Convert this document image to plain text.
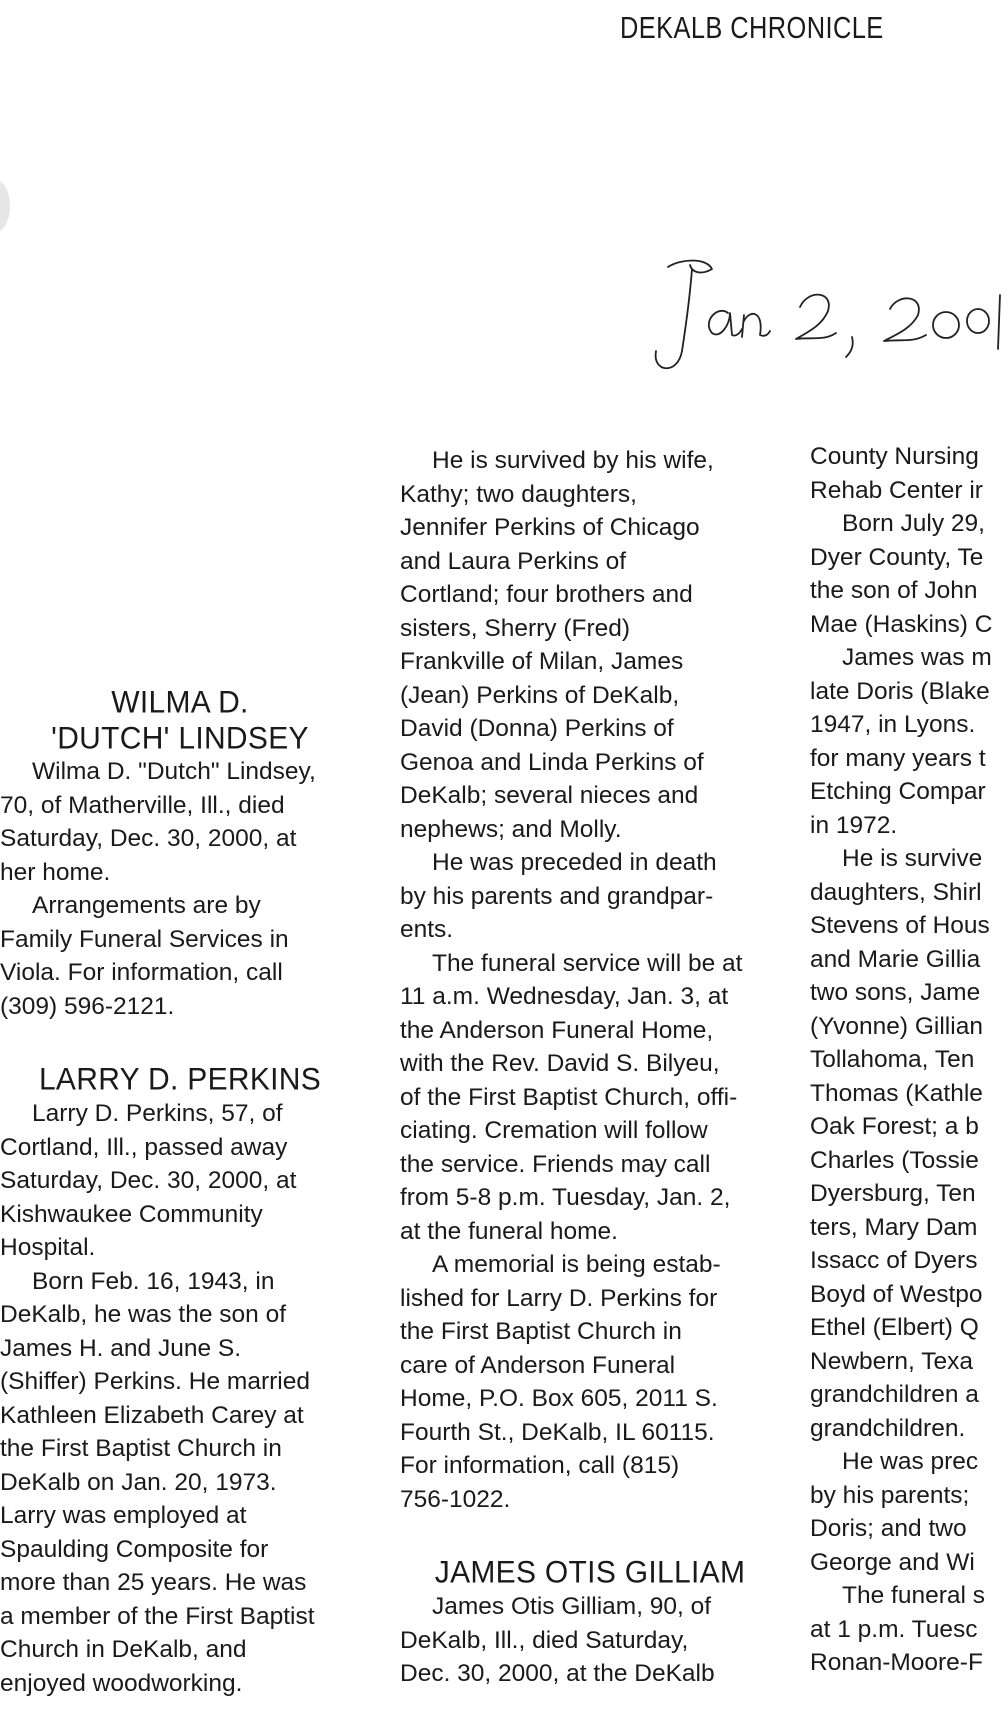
DEKALB CHRONICLE
WILMA D.
'DUTCH' LINDSEY

Wilma D. "Dutch" Lindsey,

70, of Matherville, Ill., died

Saturday, Dec. 30, 2000, at

her home.

Arrangements are by

Family Funeral Services in

Viola. For information, call

(309) 596-2121.

LARRY D. PERKINS

Larry D. Perkins, 57, of

Cortland, Ill., passed away

Saturday, Dec. 30, 2000, at

Kishwaukee Community

Hospital.

Born Feb. 16, 1943, in

DeKalb, he was the son of

James H. and June S.

(Shiffer) Perkins. He married

Kathleen Elizabeth Carey at

the First Baptist Church in

DeKalb on Jan. 20, 1973.

Larry was employed at

Spaulding Composite for

more than 25 years. He was

a member of the First Baptist

Church in DeKalb, and

enjoyed woodworking.

He is survived by his wife,

Kathy; two daughters,

Jennifer Perkins of Chicago

and Laura Perkins of

Cortland; four brothers and

sisters, Sherry (Fred)

Frankville of Milan, James

(Jean) Perkins of DeKalb,

David (Donna) Perkins of

Genoa and Linda Perkins of

DeKalb; several nieces and

nephews; and Molly.

He was preceded in death

by his parents and grandpar-

ents.

The funeral service will be at

11 a.m. Wednesday, Jan. 3, at

the Anderson Funeral Home,

with the Rev. David S. Bilyeu,

of the First Baptist Church, offi-

ciating. Cremation will follow

the service. Friends may call

from 5-8 p.m. Tuesday, Jan. 2,

at the funeral home.

A memorial is being estab-

lished for Larry D. Perkins for

the First Baptist Church in

care of Anderson Funeral

Home, P.O. Box 605, 2011 S.

Fourth St., DeKalb, IL 60115.

For information, call (815)

756-1022.

JAMES OTIS GILLIAM

James Otis Gilliam, 90, of

DeKalb, Ill., died Saturday,

Dec. 30, 2000, at the DeKalb

County Nursing

Rehab Center ir

Born July 29,

Dyer County, Te

the son of John

Mae (Haskins) C

James was m

late Doris (Blake

1947, in Lyons.

for many years t

Etching Compar

in 1972.

He is survive

daughters, Shirl

Stevens of Hous

and Marie Gillia

two sons, Jame

(Yvonne) Gillian

Tollahoma, Ten

Thomas (Kathle

Oak Forest; a b

Charles (Tossie

Dyersburg, Ten

ters, Mary Dam

Issacc of Dyers

Boyd of Westpo

Ethel (Elbert) Q

Newbern, Texa

grandchildren a

grandchildren.

He was prec

by his parents;

Doris; and two

George and Wi

The funeral s

at 1 p.m. Tuesc

Ronan-Moore-F
